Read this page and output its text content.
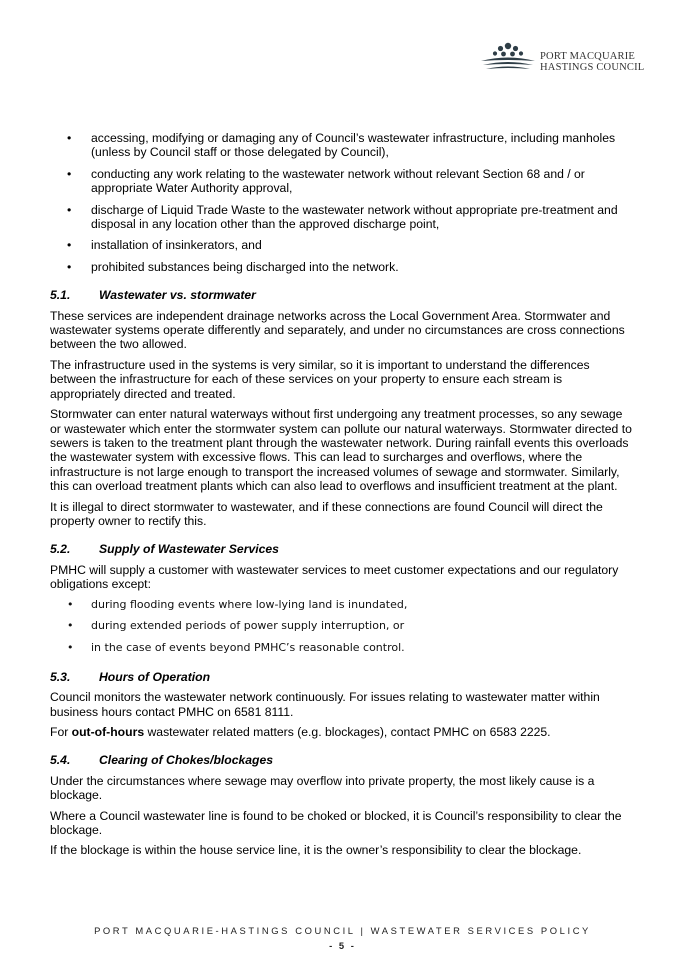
PORT MACQUARIE
HASTINGS COUNCIL
• accessing, modifying or damaging any of Council’s wastewater infrastructure, including manholes (unless by Council staff or those delegated by Council),
• conducting any work relating to the wastewater network without relevant Section 68 and / or appropriate Water Authority approval,
• discharge of Liquid Trade Waste to the wastewater network without appropriate pre-treatment and disposal in any location other than the approved discharge point,
• installation of insinkerators, and
• prohibited substances being discharged into the network.
5.1. Wastewater vs. stormwater

These services are independent drainage networks across the Local Government Area. Stormwater and wastewater systems operate differently and separately, and under no circumstances are cross connections between the two allowed.

The infrastructure used in the systems is very similar, so it is important to understand the differences between the infrastructure for each of these services on your property to ensure each stream is appropriately directed and treated.

Stormwater can enter natural waterways without first undergoing any treatment processes, so any sewage or wastewater which enter the stormwater system can pollute our natural waterways. Stormwater directed to sewers is taken to the treatment plant through the wastewater network. During rainfall events this overloads the wastewater system with excessive flows. This can lead to surcharges and overflows, where the infrastructure is not large enough to transport the increased volumes of sewage and stormwater. Similarly, this can overload treatment plants which can also lead to overflows and insufficient treatment at the plant.

It is illegal to direct stormwater to wastewater, and if these connections are found Council will direct the property owner to rectify this.

5.2. Supply of Wastewater Services

PMHC will supply a customer with wastewater services to meet customer expectations and our regulatory obligations except:

• during flooding events where low-lying land is inundated,
• during extended periods of power supply interruption, or
• in the case of events beyond PMHC’s reasonable control.
5.3. Hours of Operation

Council monitors the wastewater network continuously. For issues relating to wastewater matter within business hours contact PMHC on 6581 8111.

For out-of-hours wastewater related matters (e.g. blockages), contact PMHC on 6583 2225.

5.4. Clearing of Chokes/blockages

Under the circumstances where sewage may overflow into private property, the most likely cause is a blockage.

Where a Council wastewater line is found to be choked or blocked, it is Council’s responsibility to clear the blockage.

If the blockage is within the house service line, it is the owner’s responsibility to clear the blockage.

PORT MACQUARIE-HASTINGS COUNCIL | WASTEWATER SERVICES POLICY
- 5 -
